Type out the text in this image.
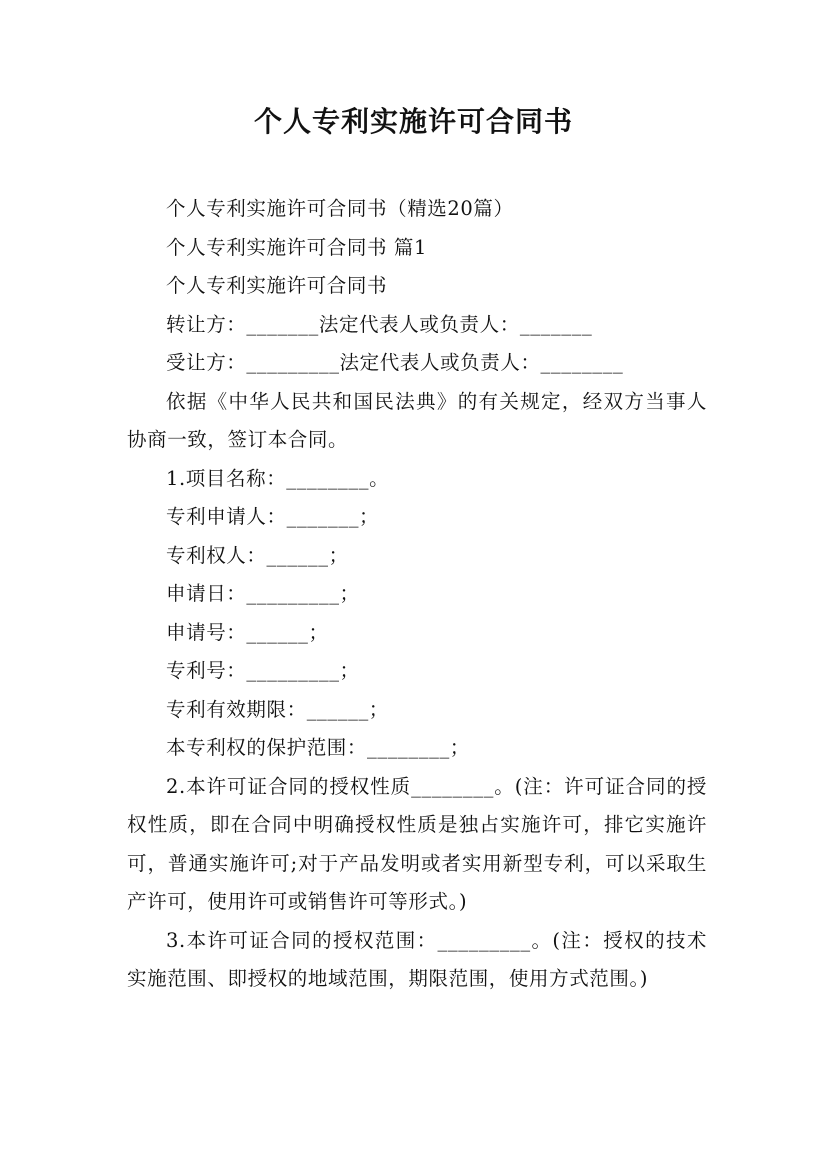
个人专利实施许可合同书

个人专利实施许可合同书（精选20篇）

个人专利实施许可合同书 篇1

个人专利实施许可合同书

转让方：_______法定代表人或负责人：_______

受让方：_________法定代表人或负责人：________

依据《中华人民共和国民法典》的有关规定，经双方当事人协商一致，签订本合同。

1.项目名称：________。

专利申请人：_______；

专利权人：______；

申请日：_________；

申请号：______；

专利号：_________；

专利有效期限：______；

本专利权的保护范围：________；

2.本许可证合同的授权性质________。(注：许可证合同的授权性质，即在合同中明确授权性质是独占实施许可，排它实施许可，普通实施许可;对于产品发明或者实用新型专利，可以采取生产许可，使用许可或销售许可等形式。)

3.本许可证合同的授权范围：_________。(注：授权的技术实施范围、即授权的地域范围，期限范围，使用方式范围。)
